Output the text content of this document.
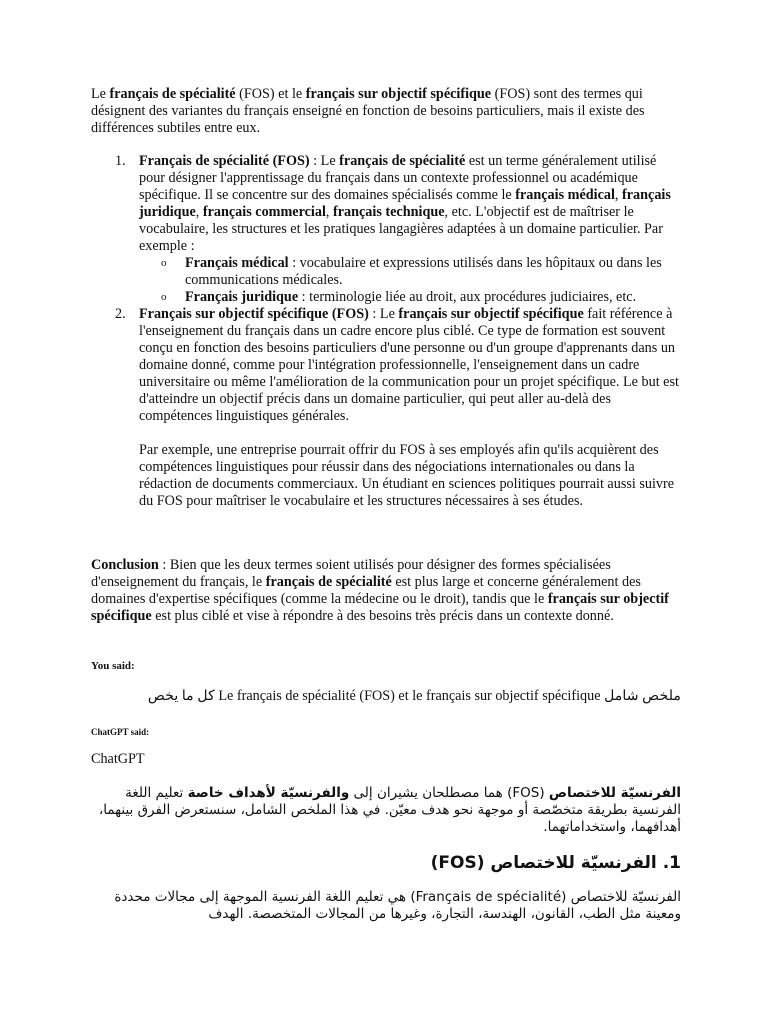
Le français de spécialité (FOS) et le français sur objectif spécifique (FOS) sont des termes qui désignent des variantes du français enseigné en fonction de besoins particuliers, mais il existe des différences subtiles entre eux.

1. Français de spécialité (FOS) : Le français de spécialité est un terme généralement utilisé pour désigner l'apprentissage du français dans un contexte professionnel ou académique spécifique. Il se concentre sur des domaines spécialisés comme le français médical, français juridique, français commercial, français technique, etc. L'objectif est de maîtriser le vocabulaire, les structures et les pratiques langagières adaptées à un domaine particulier. Par exemple :

o Français médical : vocabulaire et expressions utilisés dans les hôpitaux ou dans les communications médicales.

o Français juridique : terminologie liée au droit, aux procédures judiciaires, etc.

2. Français sur objectif spécifique (FOS) : Le français sur objectif spécifique fait référence à l'enseignement du français dans un cadre encore plus ciblé. Ce type de formation est souvent conçu en fonction des besoins particuliers d'une personne ou d'un groupe d'apprenants dans un domaine donné, comme pour l'intégration professionnelle, l'enseignement dans un cadre universitaire ou même l'amélioration de la communication pour un projet spécifique. Le but est d'atteindre un objectif précis dans un domaine particulier, qui peut aller au-delà des compétences linguistiques générales.

Par exemple, une entreprise pourrait offrir du FOS à ses employés afin qu'ils acquièrent des compétences linguistiques pour réussir dans des négociations internationales ou dans la rédaction de documents commerciaux. Un étudiant en sciences politiques pourrait aussi suivre du FOS pour maîtriser le vocabulaire et les structures nécessaires à ses études.

Conclusion : Bien que les deux termes soient utilisés pour désigner des formes spécialisées d'enseignement du français, le français de spécialité est plus large et concerne généralement des domaines d'expertise spécifiques (comme la médecine ou le droit), tandis que le français sur objectif spécifique est plus ciblé et vise à répondre à des besoins très précis dans un contexte donné.

You said:

ملخص شامل Le français de spécialité (FOS) et le français sur objectif spécifique كل ما يخص

ChatGPT said:

ChatGPT

الفرنسيّة للاختصاص (FOS) هما مصطلحان يشيران إلى والفرنسيّة لأهداف خاصة تعليم اللغة الفرنسية بطريقة متخصّصة أو موجهة نحو هدف معيّن. في هذا الملخص الشامل، سنستعرض الفرق بينهما، أهدافهما، واستخداماتهما.

1. الفرنسيّة للاختصاص (FOS)

الفرنسيّة للاختصاص (Français de spécialité) هي تعليم اللغة الفرنسية الموجهة إلى مجالات محددة ومعينة مثل الطب، القانون، الهندسة، التجارة، وغيرها من المجالات المتخصصة. الهدف
